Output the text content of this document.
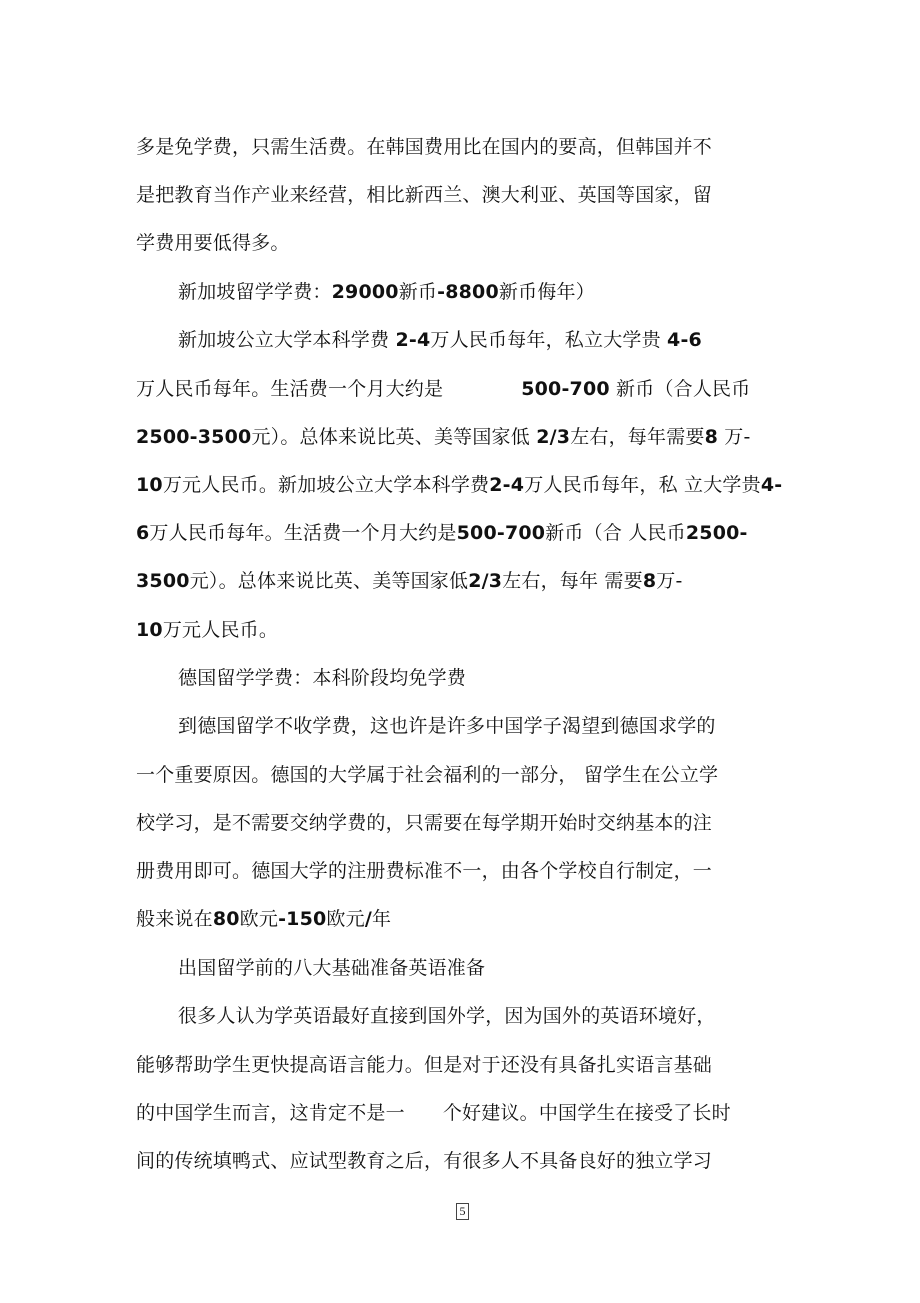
多是免学费，只需生活费。在韩国费用比在国内的要高，但韩国并不
是把教育当作产业来经营，相比新西兰、澳大利亚、英国等国家，留
学费用要低得多。
新加坡留学学费：29000新币-8800新币侮年）
新加坡公立大学本科学费 2-4万人民币每年，私立大学贵 4-6
万人民币每年。生活费一个月大约是	500-700 新币（合人民币
2500-3500元）。总体来说比英、美等国家低 2/3左右，每年需要8 万-
10万元人民币。新加坡公立大学本科学费2-4万人民币每年，私 立大学贵4-
6万人民币每年。生活费一个月大约是500-700新币（合 人民币2500-
3500元）。总体来说比英、美等国家低2/3左右，每年 需要8万-
10万元人民币。
德国留学学费：本科阶段均免学费
到德国留学不收学费，这也许是许多中国学子渴望到德国求学的
一个重要原因。德国的大学属于社会福利的一部分， 留学生在公立学
校学习，是不需要交纳学费的，只需要在每学期开始时交纳基本的注
册费用即可。德国大学的注册费标准不一，由各个学校自行制定，一
般来说在80欧元-150欧元/年
出国留学前的八大基础准备英语准备
很多人认为学英语最好直接到国外学，因为国外的英语环境好，
能够帮助学生更快提高语言能力。但是对于还没有具备扎实语言基础
的中国学生而言，这肯定不是一 个好建议。中国学生在接受了长时
间的传统填鸭式、应试型教育之后，有很多人不具备良好的独立学习
5
